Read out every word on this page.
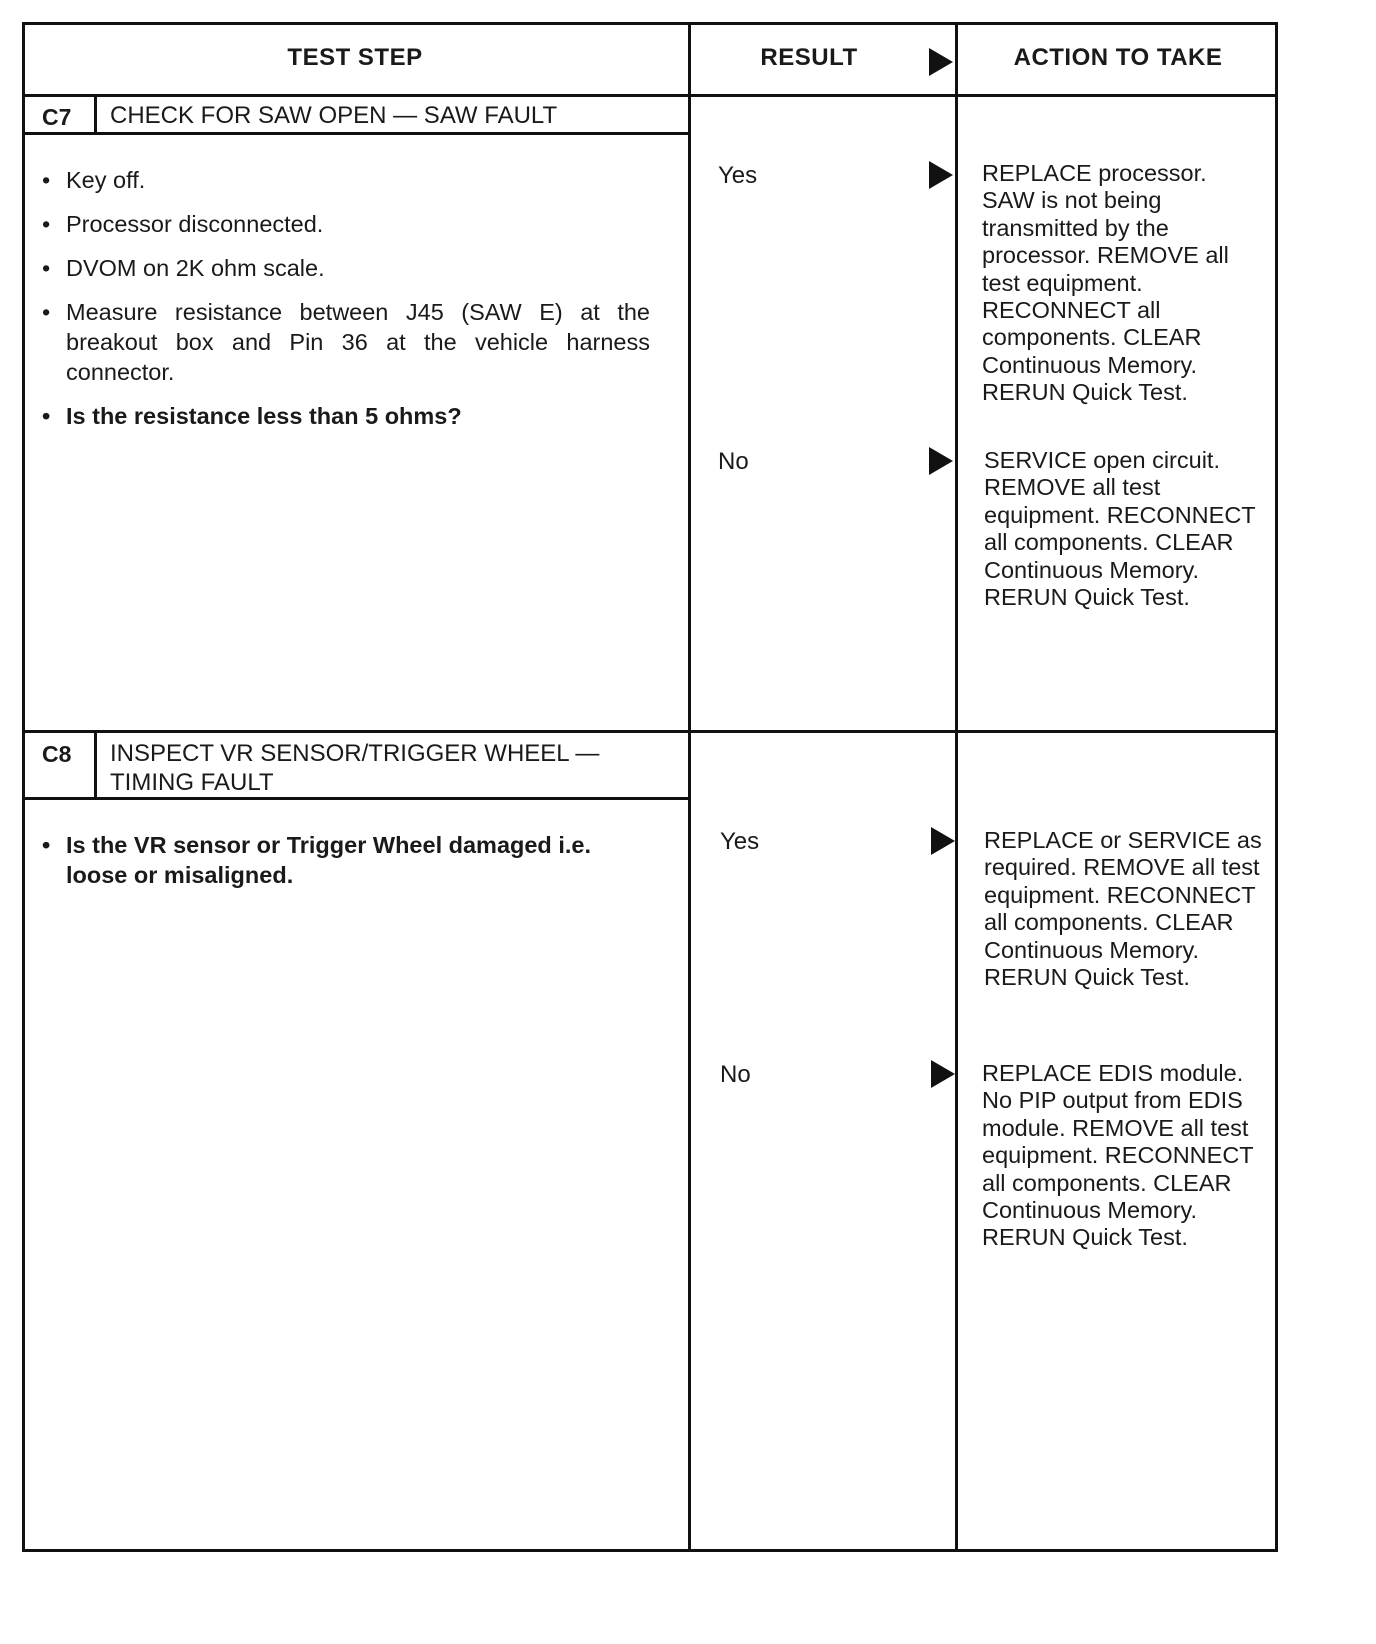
TEST STEP	RESULT	ACTION TO TAKE
C7 CHECK FOR SAW OPEN — SAW FAULT
• Key off.
• Processor disconnected.
• DVOM on 2K ohm scale.
• Measure resistance between J45 (SAW E) at the breakout box and Pin 36 at the vehicle harness connector.
• Is the resistance less than 5 ohms?
Yes	REPLACE processor. SAW is not being transmitted by the processor. REMOVE all test equipment. RECONNECT all components. CLEAR Continuous Memory. RERUN Quick Test.
No	SERVICE open circuit. REMOVE all test equipment. RECONNECT all components. CLEAR Continuous Memory. RERUN Quick Test.
C8 INSPECT VR SENSOR/TRIGGER WHEEL — TIMING FAULT
• Is the VR sensor or Trigger Wheel damaged i.e. loose or misaligned.
Yes	REPLACE or SERVICE as required. REMOVE all test equipment. RECONNECT all components. CLEAR Continuous Memory. RERUN Quick Test.
No	REPLACE EDIS module. No PIP output from EDIS module. REMOVE all test equipment. RECONNECT all components. CLEAR Continuous Memory. RERUN Quick Test.
